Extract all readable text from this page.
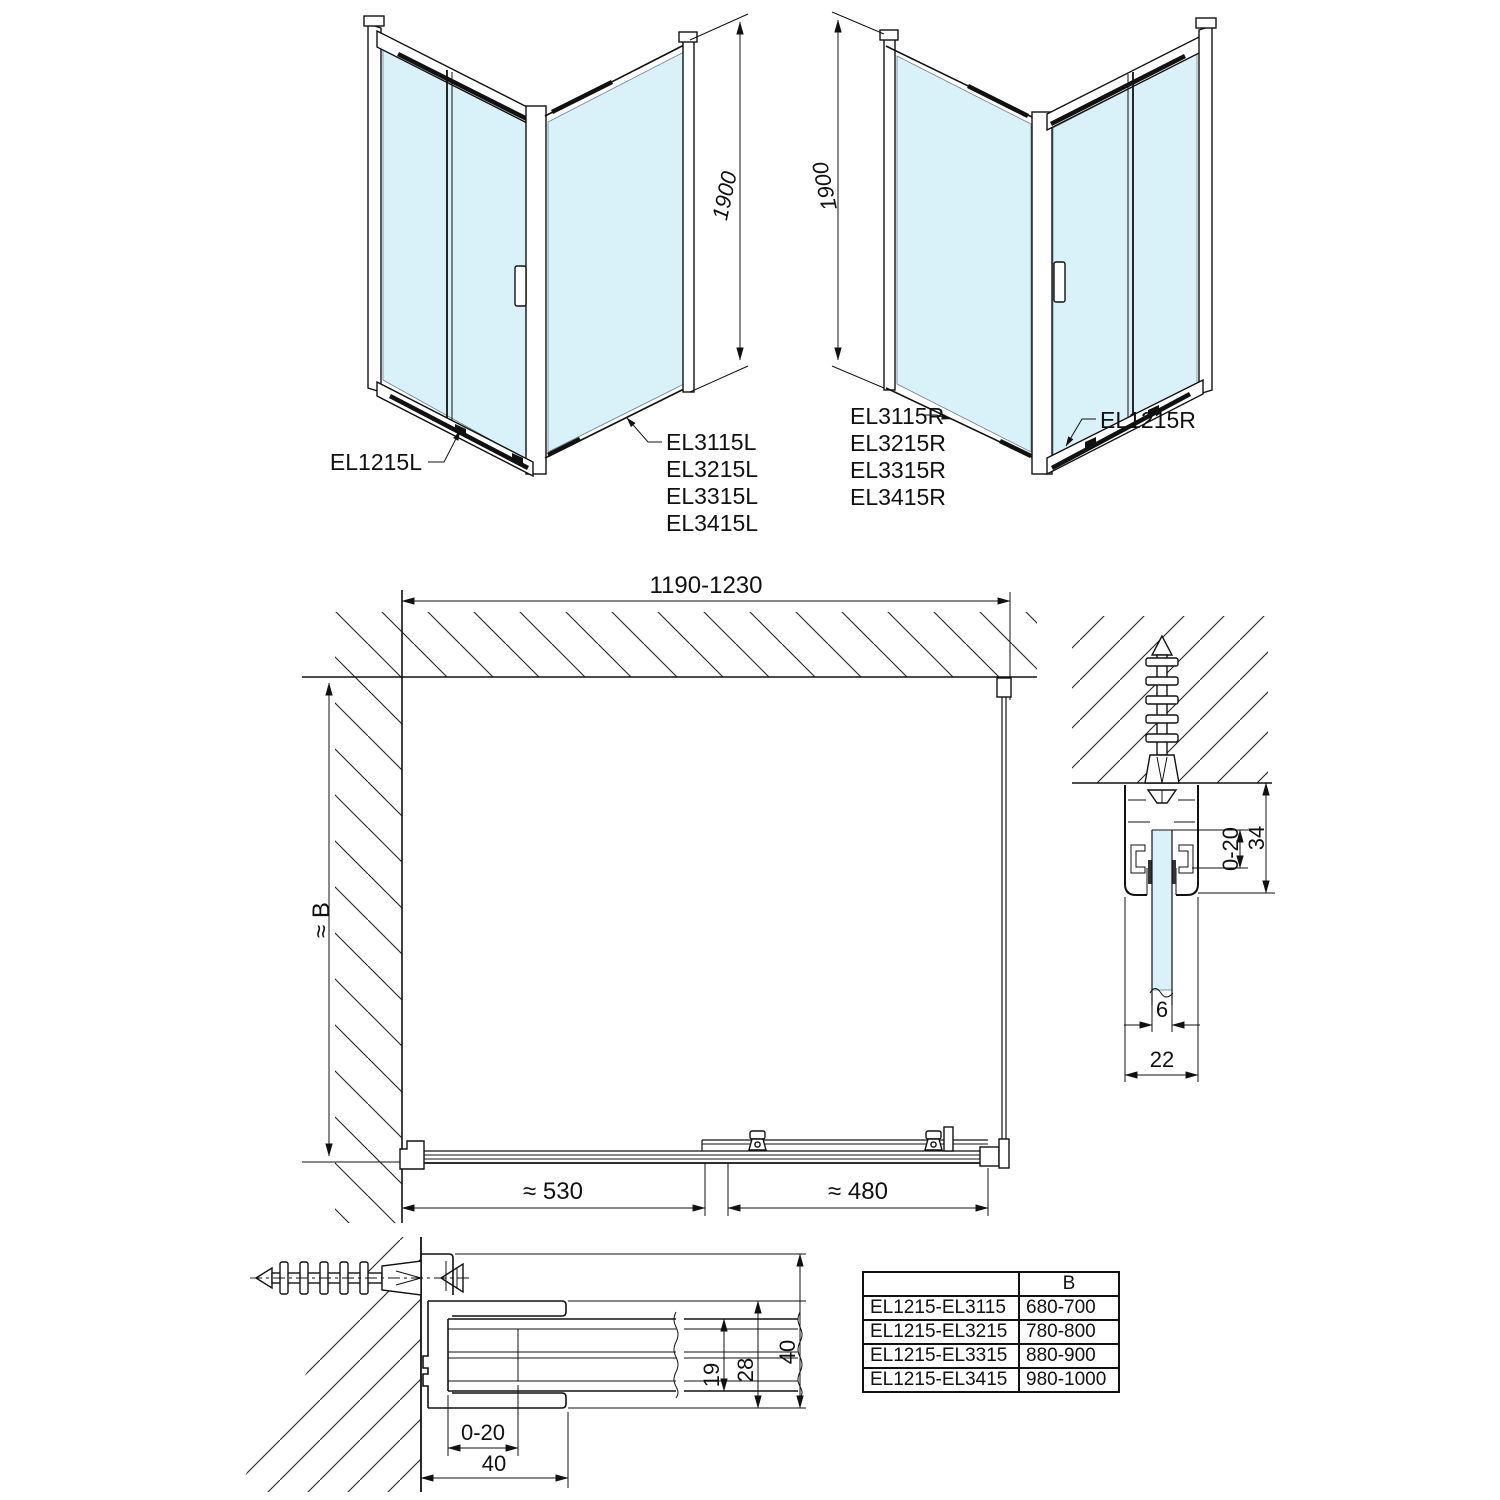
1900
EL1215L
EL3115L
EL3215L
EL3315L
EL3415L
1900
EL3115R
EL3215R
EL3315R
EL3415R
EL1215R
1190-1230
≈ B
≈ 530	≈ 480
0-20 34
6
22
19 28
40
0-20
40
	B
EL1215-EL3115	680-700
EL1215-EL3215	780-800
EL1215-EL3315	880-900
EL1215-EL3415	980-1000
